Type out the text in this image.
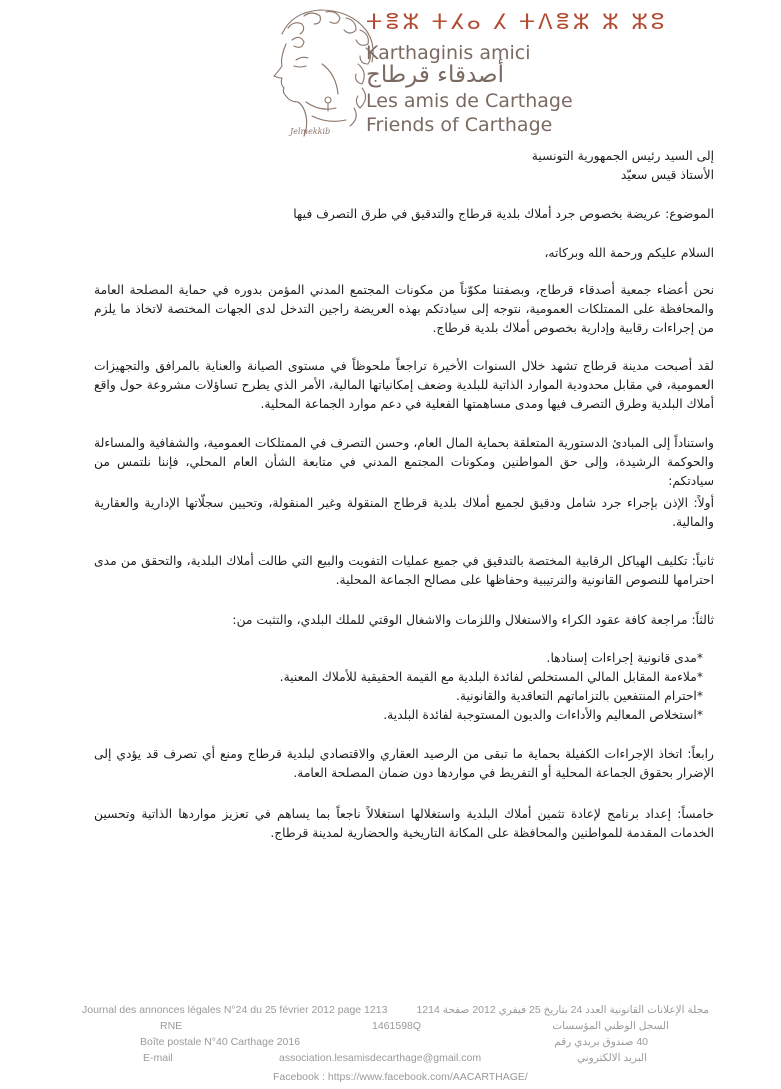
Jelmekkib
ⵜⴻⵣ ⵜⵃⴰ ⵃ ⵜⴷⴻⵣ ⵣ ⵣⵓ
Karthaginis amici
أصدقاء قرطاج
Les amis de Carthage
Friends of Carthage
إلى السيد رئيس الجمهورية التونسية
الأستاذ قيس سعيّد
الموضوع: عريضة بخصوص جرد أملاك بلدية قرطاج والتدقيق في طرق التصرف فيها
السلام عليكم ورحمة الله وبركاته،
نحن أعضاء جمعية أصدقاء قرطاج، وبصفتنا مكوّناً من مكونات المجتمع المدني المؤمن بدوره في حماية المصلحة العامة والمحافظة على الممتلكات العمومية، نتوجه إلى سيادتكم بهذه العريضة راجين التدخل لدى الجهات المختصة لاتخاذ ما يلزم من إجراءات رقابية وإدارية بخصوص أملاك بلدية قرطاج.
لقد أصبحت مدينة قرطاج تشهد خلال السنوات الأخيرة تراجعاً ملحوظاً في مستوى الصيانة والعناية بالمرافق والتجهيزات العمومية، في مقابل محدودية الموارد الذاتية للبلدية وضعف إمكانياتها المالية، الأمر الذي يطرح تساؤلات مشروعة حول واقع أملاك البلدية وطرق التصرف فيها ومدى مساهمتها الفعلية في دعم موارد الجماعة المحلية.
واستناداً إلى المبادئ الدستورية المتعلقة بحماية المال العام، وحسن التصرف في الممتلكات العمومية، والشفافية والمساءلة والحوكمة الرشيدة، وإلى حق المواطنين ومكونات المجتمع المدني في متابعة الشأن العام المحلي، فإننا نلتمس من سيادتكم:
أولاً: الإذن بإجراء جرد شامل ودقيق لجميع أملاك بلدية قرطاج المنقولة وغير المنقولة، وتحيين سجلّاتها الإدارية والعقارية والمالية.
ثانياً: تكليف الهياكل الرقابية المختصة بالتدقيق في جميع عمليات التفويت والبيع التي طالت أملاك البلدية، والتحقق من مدى احترامها للنصوص القانونية والترتيبية وحفاظها على مصالح الجماعة المحلية.
ثالثاً: مراجعة كافة عقود الكراء والاستغلال واللزمات والاشغال الوقتي للملك البلدي، والتثبت من:
*مدى قانونية إجراءات إسنادها.
*ملاءمة المقابل المالي المستخلص لفائدة البلدية مع القيمة الحقيقية للأملاك المعنية.
*احترام المنتفعين بالتزاماتهم التعاقدية والقانونية.
*استخلاص المعاليم والأداءات والديون المستوجبة لفائدة البلدية.
رابعاً: اتخاذ الإجراءات الكفيلة بحماية ما تبقى من الرصيد العقاري والاقتصادي لبلدية قرطاج ومنع أي تصرف قد يؤدي إلى الإضرار بحقوق الجماعة المحلية أو التفريط في مواردها دون ضمان المصلحة العامة.
خامساً: إعداد برنامج لإعادة تثمين أملاك البلدية واستغلالها استغلالاً ناجعاً بما يساهم في تعزيز مواردها الذاتية وتحسين الخدمات المقدمة للمواطنين والمحافظة على المكانة التاريخية والحضارية لمدينة قرطاج.
Journal des annonces légales N°24 du 25 février 2012 page 1213	مجلة الإعلانات القانونية العدد 24 بتاريخ 25 فيفري 2012 صفحة 1214
RNE	1461598Q	السجل الوطني المؤسسات
Boîte postale N°40 Carthage 2016	40 صندوق بريدي رقم
E-mail	association.lesamisdecarthage@gmail.com	البريد الالكتروني
Facebook : https://www.facebook.com/AACARTHAGE/
